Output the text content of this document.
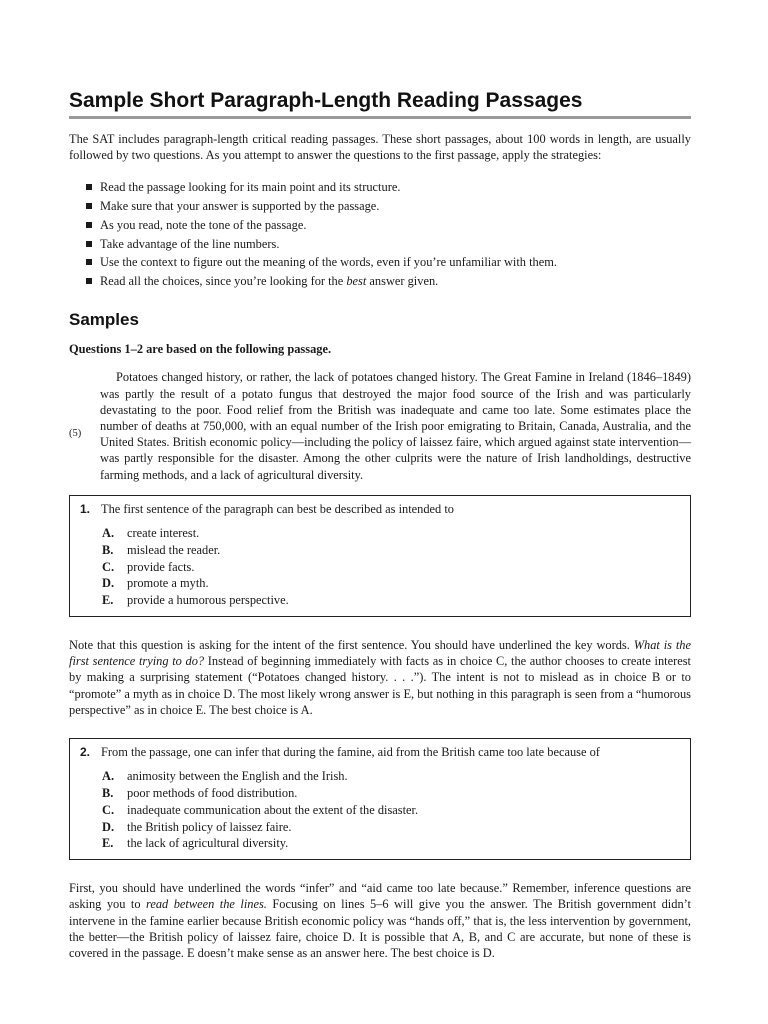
Sample Short Paragraph-Length Reading Passages

The SAT includes paragraph-length critical reading passages. These short passages, about 100 words in length, are usually followed by two questions. As you attempt to answer the questions to the first passage, apply the strategies:

Read the passage looking for its main point and its structure.
Make sure that your answer is supported by the passage.
As you read, note the tone of the passage.
Take advantage of the line numbers.
Use the context to figure out the meaning of the words, even if you’re unfamiliar with them.
Read all the choices, since you’re looking for the best answer given.
Samples

Questions 1–2 are based on the following passage.

(5)

Potatoes changed history, or rather, the lack of potatoes changed history. The Great Famine in Ireland (1846–1849) was partly the result of a potato fungus that destroyed the major food source of the Irish and was particularly devastating to the poor. Food relief from the British was inadequate and came too late. Some estimates place the number of deaths at 750,000, with an equal number of the Irish poor emigrating to Britain, Canada, Australia, and the United States. British economic policy—including the policy of laissez faire, which argued against state intervention—was partly responsible for the disaster. Among the other culprits were the nature of Irish landholdings, destructive farming methods, and a lack of agricultural diversity.

1. The first sentence of the paragraph can best be described as intended to
A. create interest.
B. mislead the reader.
C. provide facts.
D. promote a myth.
E. provide a humorous perspective.

Note that this question is asking for the intent of the first sentence. You should have underlined the key words. What is the first sentence trying to do? Instead of beginning immediately with facts as in choice C, the author chooses to create interest by making a surprising statement (“Potatoes changed history. . . .”). The intent is not to mislead as in choice B or to “promote” a myth as in choice D. The most likely wrong answer is E, but nothing in this paragraph is seen from a “humorous perspective” as in choice E. The best choice is A.

2. From the passage, one can infer that during the famine, aid from the British came too late because of
A. animosity between the English and the Irish.
B. poor methods of food distribution.
C. inadequate communication about the extent of the disaster.
D. the British policy of laissez faire.
E. the lack of agricultural diversity.

First, you should have underlined the words “infer” and “aid came too late because.” Remember, inference questions are asking you to read between the lines. Focusing on lines 5–6 will give you the answer. The British government didn’t intervene in the famine earlier because British economic policy was “hands off,” that is, the less intervention by government, the better—the British policy of laissez faire, choice D. It is possible that A, B, and C are accurate, but none of these is covered in the passage. E doesn’t make sense as an answer here. The best choice is D.
